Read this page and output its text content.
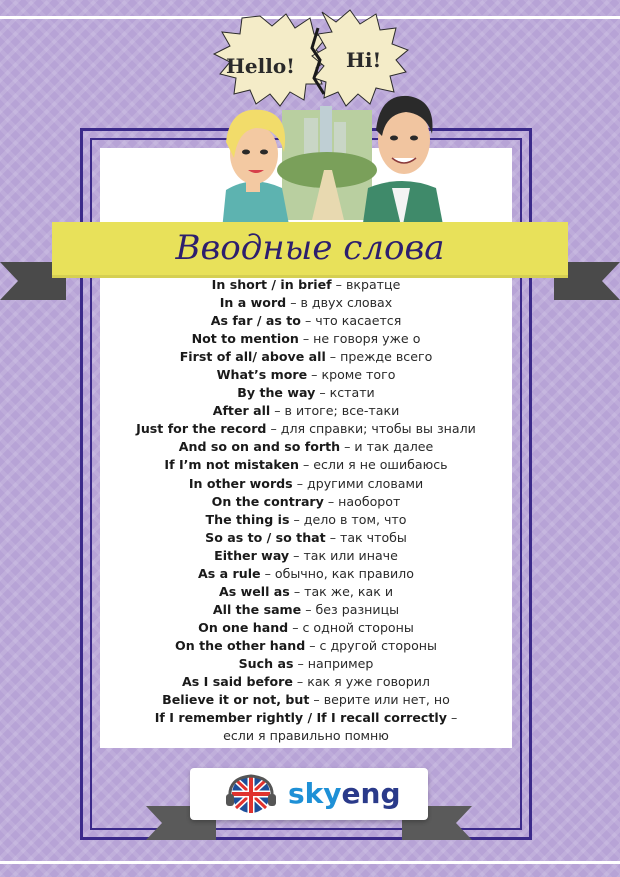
Hello!	Hi!
Вводные слова
In short / in brief – вкратце
In a word – в двух словах
As far / as to – что касается
Not to mention – не говоря уже о
First of all/ above all – прежде всего
What’s more – кроме того
By the way – кстати
After all – в итоге; все-таки
Just for the record – для справки; чтобы вы знали
And so on and so forth – и так далее
If I’m not mistaken – если я не ошибаюсь
In other words – другими словами
On the contrary – наоборот
The thing is – дело в том, что
So as to / so that – так чтобы
Either way – так или иначе
As a rule – обычно, как правило
As well as – так же, как и
All the same – без разницы
On one hand – с одной стороны
On the other hand – с другой стороны
Such as – например
As I said before – как я уже говорил
Believe it or not, but – верите или нет, но
If I remember rightly / If I recall correctly –
если я правильно помню
skyeng
